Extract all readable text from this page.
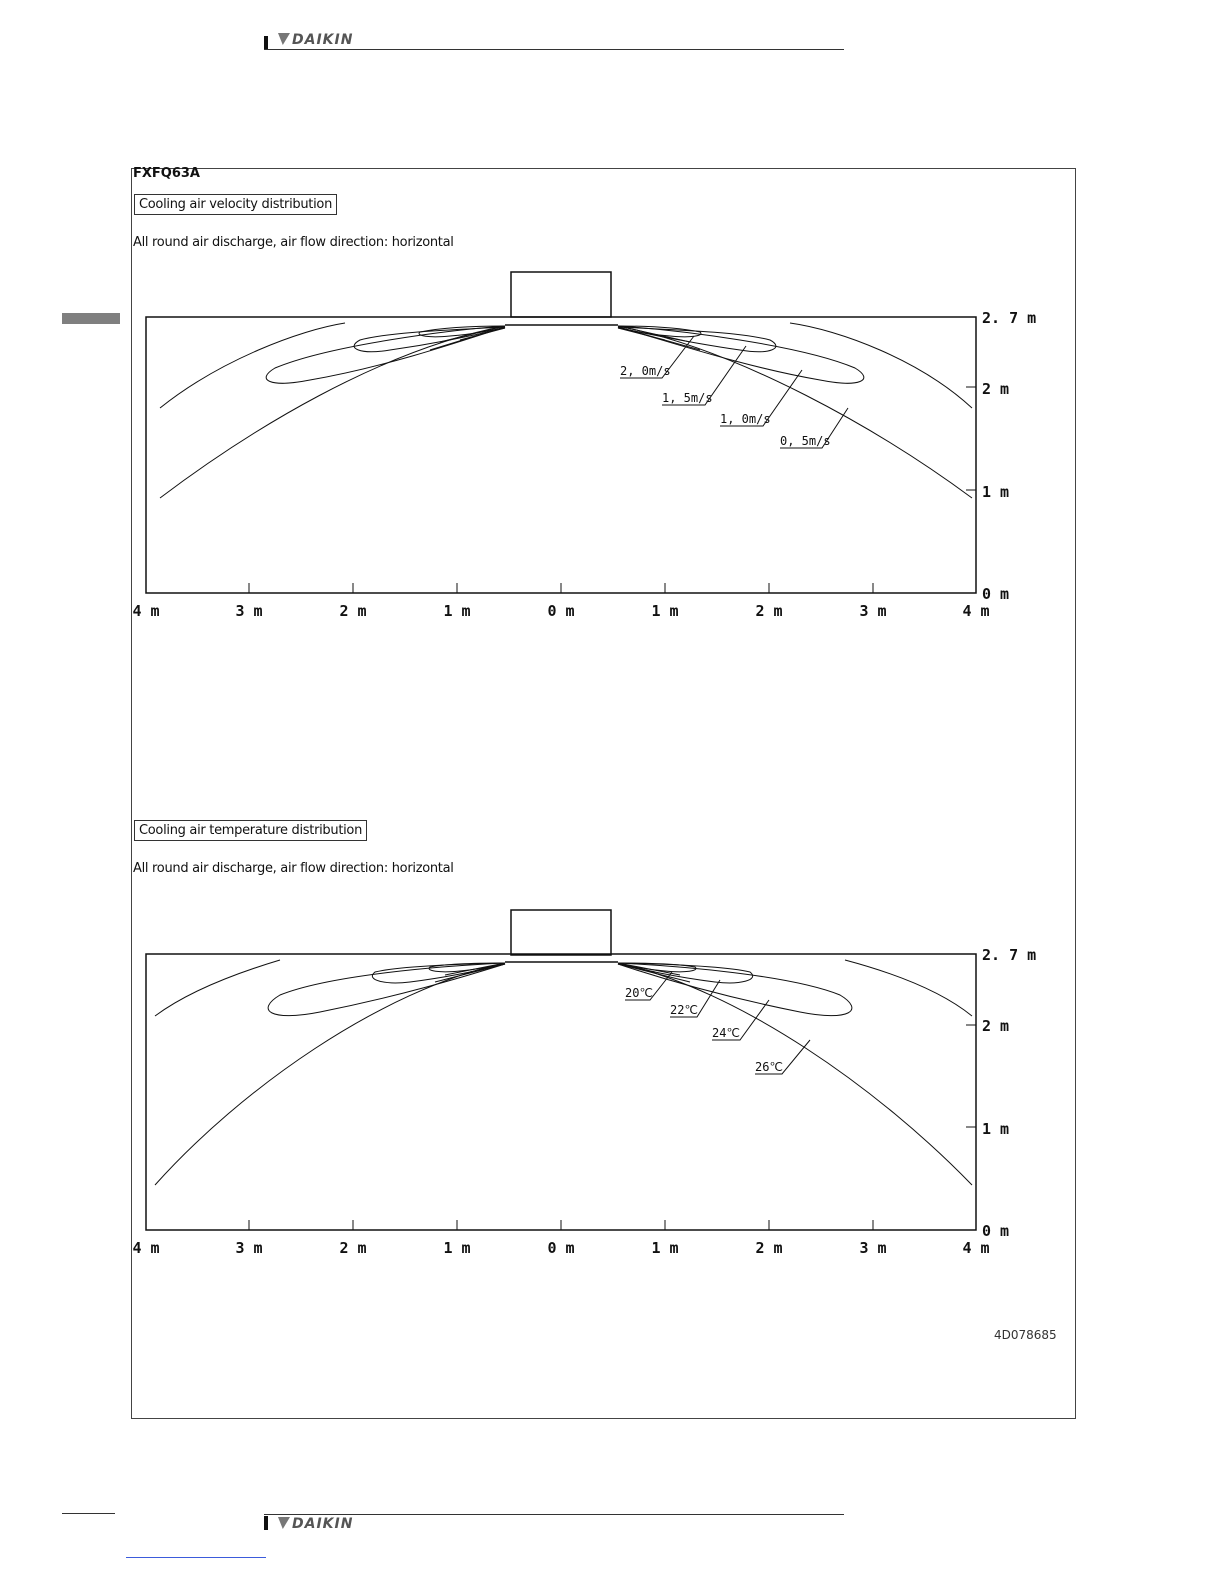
DAIKIN
FXFQ63A
Cooling air velocity distribution
All round air discharge, air flow direction: horizontal
Cooling air temperature distribution
All round air discharge, air flow direction: horizontal
4D078685
4 m	3 m	2 m	1 m	0 m	1 m	2 m	3 m	4 m
2. 7 m
2 m
1 m
0 m
2, 0m/s
1, 5m/s
1, 0m/s
0, 5m/s
4 m	3 m	2 m	1 m	0 m	1 m	2 m	3 m	4 m
2. 7 m
2 m
1 m
0 m
20℃
22℃
24℃
26℃
DAIKIN
